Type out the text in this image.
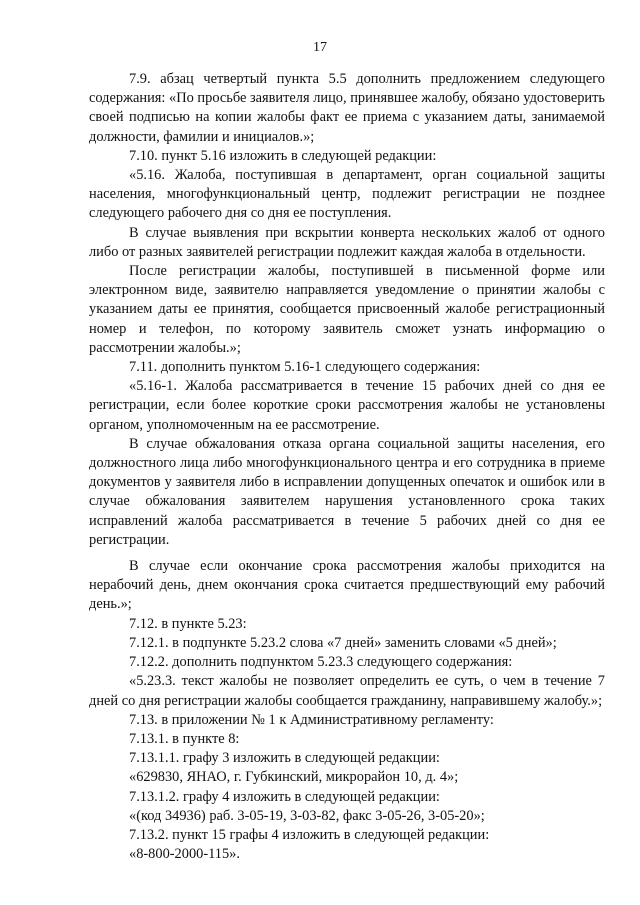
17

7.9. абзац четвертый пункта 5.5 дополнить предложением следующего содержания: «По просьбе заявителя лицо, принявшее жалобу, обязано удостоверить своей подписью на копии жалобы факт ее приема с указанием даты, занимаемой должности, фамилии и инициалов.»;

7.10. пункт 5.16 изложить в следующей редакции:

«5.16. Жалоба, поступившая в департамент, орган социальной защиты населения, многофункциональный центр, подлежит регистрации не позднее следующего рабочего дня со дня ее поступления.

В случае выявления при вскрытии конверта нескольких жалоб от одного либо от разных заявителей регистрации подлежит каждая жалоба в отдельности.

После регистрации жалобы, поступившей в письменной форме или электронном виде, заявителю направляется уведомление о принятии жалобы с указанием даты ее принятия, сообщается присвоенный жалобе регистрационный номер и телефон, по которому заявитель сможет узнать информацию о рассмотрении жалобы.»;

7.11. дополнить пунктом 5.16-1 следующего содержания:

«5.16-1. Жалоба рассматривается в течение 15 рабочих дней со дня ее регистрации, если более короткие сроки рассмотрения жалобы не установлены органом, уполномоченным на ее рассмотрение.

В случае обжалования отказа органа социальной защиты населения, его должностного лица либо многофункционального центра и его сотрудника в приеме документов у заявителя либо в исправлении допущенных опечаток и ошибок или в случае обжалования заявителем нарушения установленного срока таких исправлений жалоба рассматривается в течение 5 рабочих дней со дня ее регистрации.

В случае если окончание срока рассмотрения жалобы приходится на нерабочий день, днем окончания срока считается предшествующий ему рабочий день.»;

7.12. в пункте 5.23:

7.12.1. в подпункте 5.23.2 слова «7 дней» заменить словами «5 дней»;

7.12.2. дополнить подпунктом 5.23.3 следующего содержания:

«5.23.3. текст жалобы не позволяет определить ее суть, о чем в течение 7 дней со дня регистрации жалобы сообщается гражданину, направившему жалобу.»;

7.13. в приложении № 1 к Административному регламенту:

7.13.1. в пункте 8:

7.13.1.1. графу 3 изложить в следующей редакции:

«629830, ЯНАО, г. Губкинский, микрорайон 10, д. 4»;

7.13.1.2. графу 4 изложить в следующей редакции:

«(код 34936) раб. 3-05-19, 3-03-82, факс 3-05-26, 3-05-20»;

7.13.2. пункт 15 графы 4 изложить в следующей редакции:

«8-800-2000-115».
